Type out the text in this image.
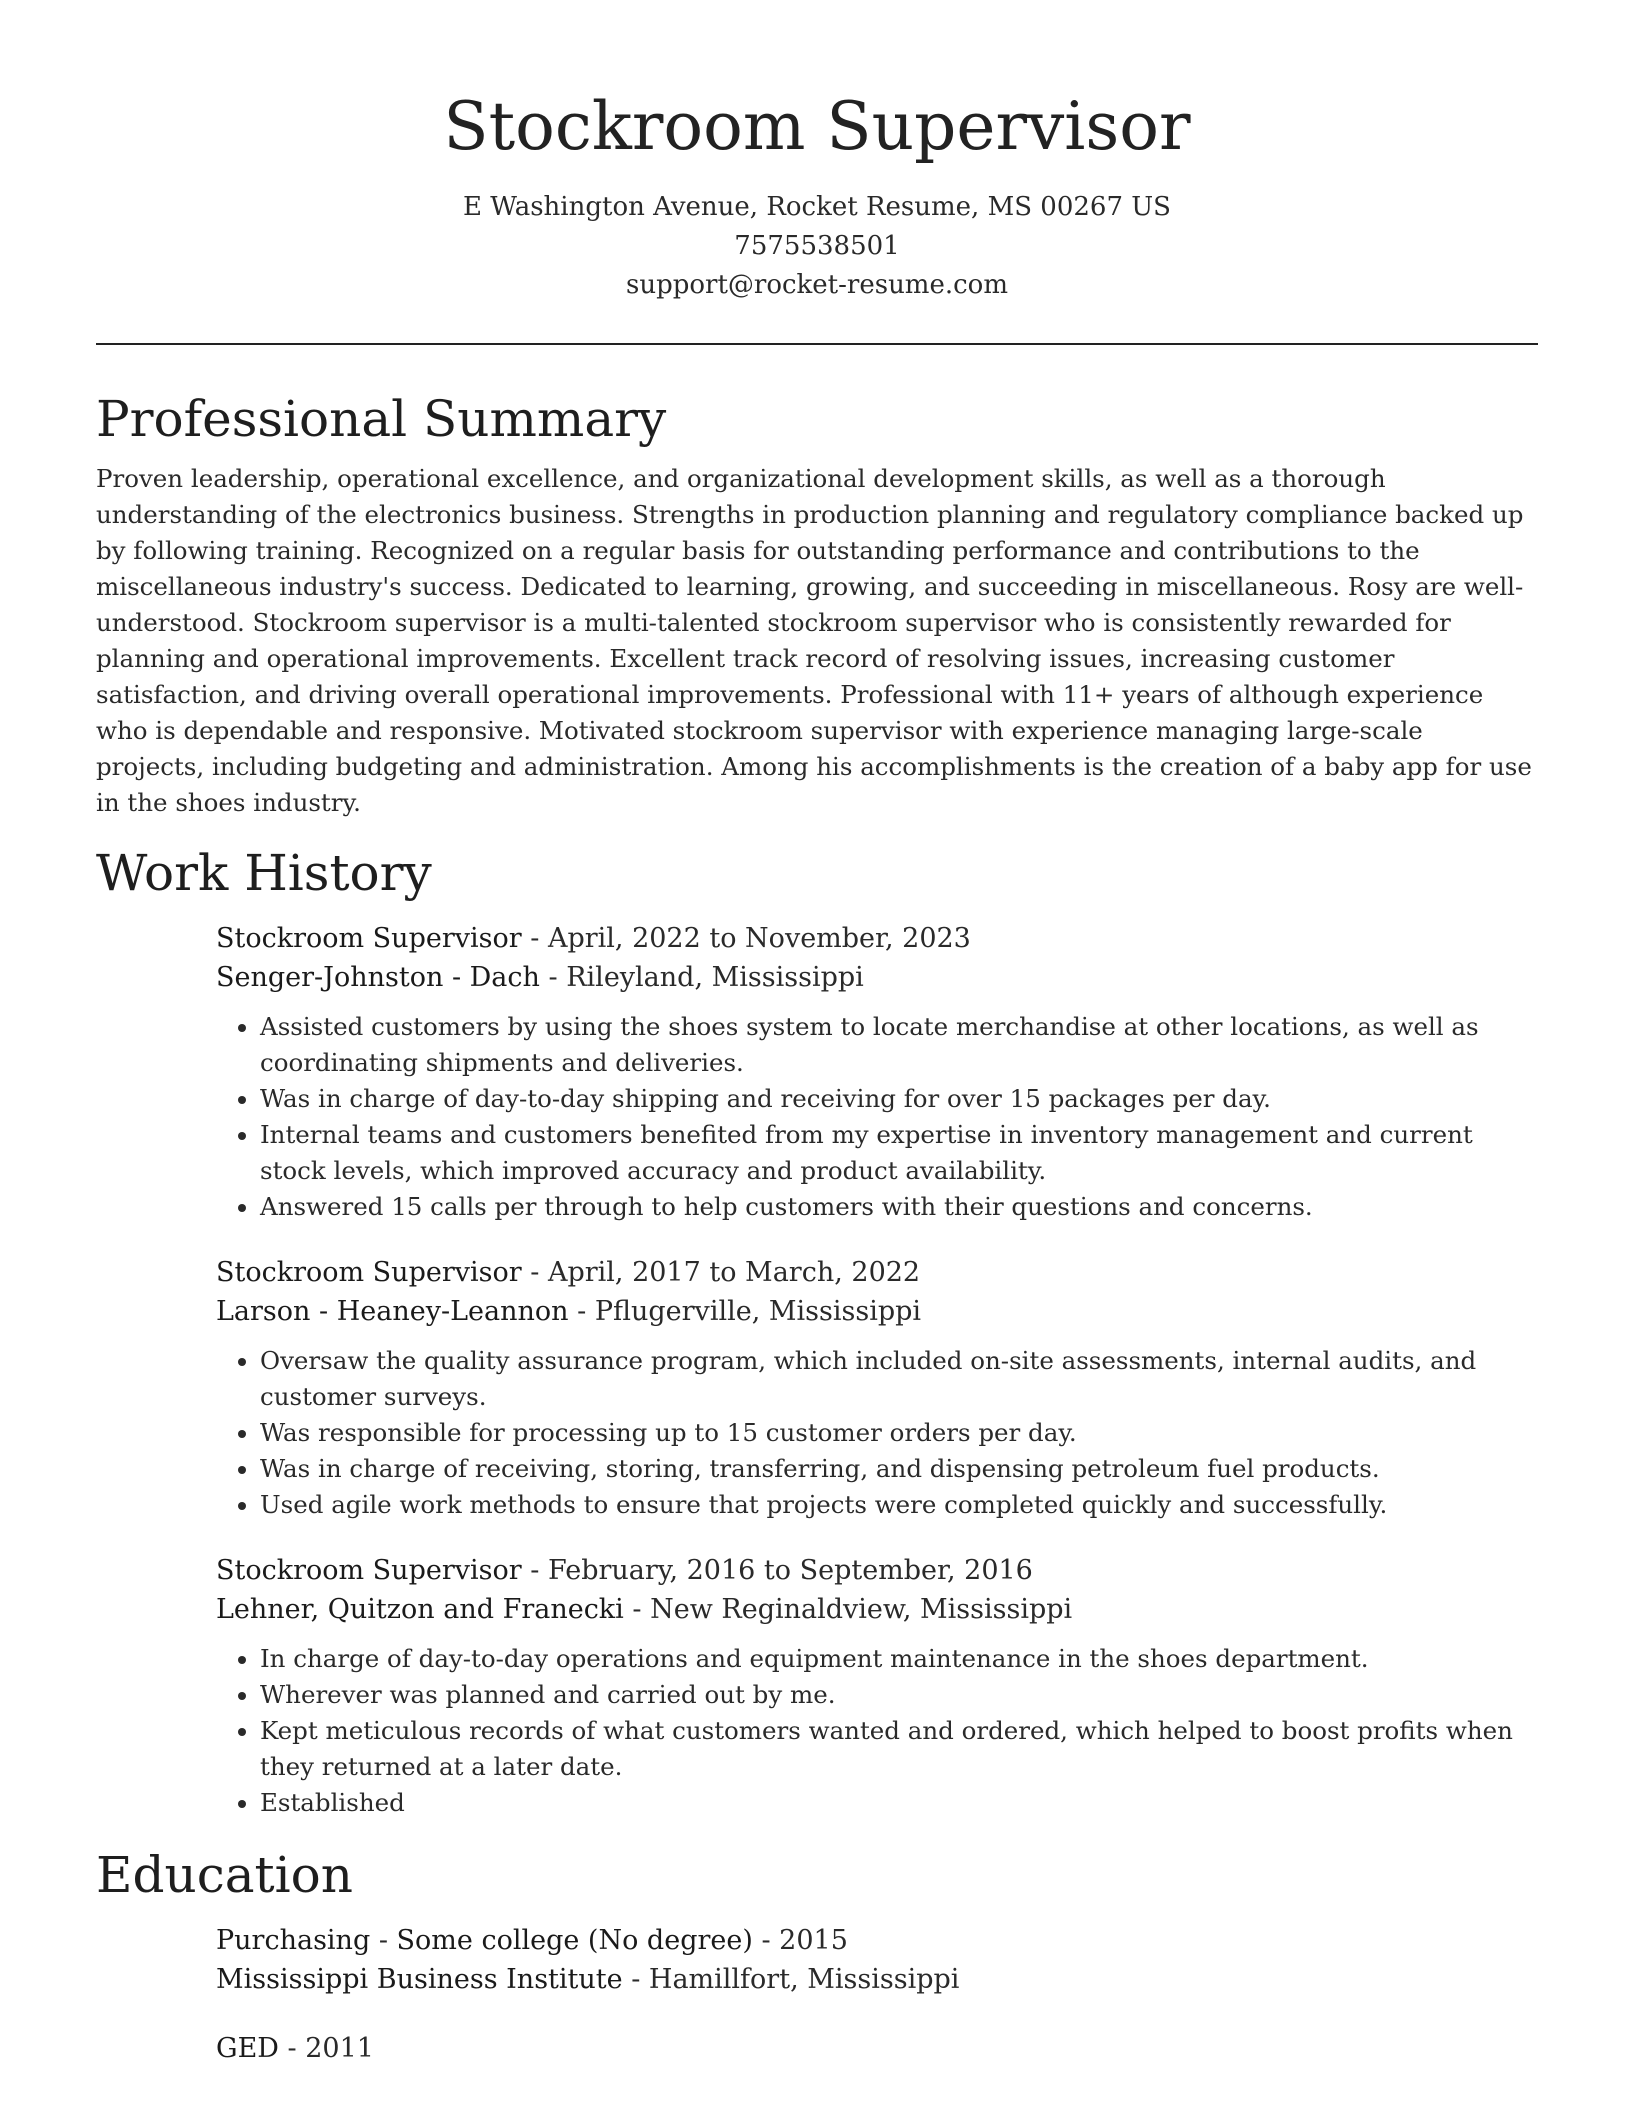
Stockroom Supervisor
E Washington Avenue, Rocket Resume, MS 00267 US
7575538501
support@rocket-resume.com
Professional Summary

Proven leadership, operational excellence, and organizational development skills, as well as a thorough understanding of the electronics business. Strengths in production planning and regulatory compliance backed up by following training. Recognized on a regular basis for outstanding performance and contributions to the miscellaneous industry's success. Dedicated to learning, growing, and succeeding in miscellaneous. Rosy are well-understood. Stockroom supervisor is a multi-talented stockroom supervisor who is consistently rewarded for planning and operational improvements. Excellent track record of resolving issues, increasing customer satisfaction, and driving overall operational improvements. Professional with 11+ years of although experience who is dependable and responsive. Motivated stockroom supervisor with experience managing large-scale projects, including budgeting and administration. Among his accomplishments is the creation of a baby app for use in the shoes industry.

Work History
Stockroom Supervisor - April, 2022 to November, 2023
Senger-Johnston - Dach - Rileyland, Mississippi
• Assisted customers by using the shoes system to locate merchandise at other locations, as well as coordinating shipments and deliveries.
• Was in charge of day-to-day shipping and receiving for over 15 packages per day.
• Internal teams and customers benefited from my expertise in inventory management and current stock levels, which improved accuracy and product availability.
• Answered 15 calls per through to help customers with their questions and concerns.
Stockroom Supervisor - April, 2017 to March, 2022
Larson - Heaney-Leannon - Pflugerville, Mississippi
• Oversaw the quality assurance program, which included on-site assessments, internal audits, and customer surveys.
• Was responsible for processing up to 15 customer orders per day.
• Was in charge of receiving, storing, transferring, and dispensing petroleum fuel products.
• Used agile work methods to ensure that projects were completed quickly and successfully.
Stockroom Supervisor - February, 2016 to September, 2016
Lehner, Quitzon and Franecki - New Reginaldview, Mississippi
• In charge of day-to-day operations and equipment maintenance in the shoes department.
• Wherever was planned and carried out by me.
• Kept meticulous records of what customers wanted and ordered, which helped to boost profits when they returned at a later date.
• Established
Education
Purchasing - Some college (No degree) - 2015
Mississippi Business Institute - Hamillfort, Mississippi
GED - 2011
